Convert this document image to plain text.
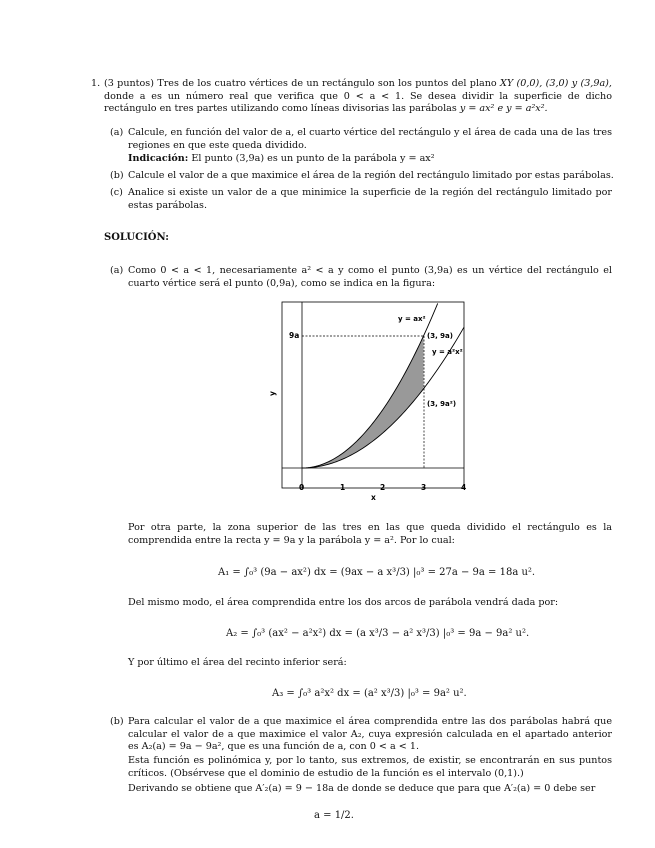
1. (3 puntos) Tres de los cuatro vértices de un rectángulo son los puntos del plano XY (0,0), (3,0) y (3,9a), donde a es un número real que verifica que 0 < a < 1. Se desea dividir la superficie de dicho rectángulo en tres partes utilizando como líneas divisorias las parábolas y = ax² e y = a²x².
(a) Calcule, en función del valor de a, el cuarto vértice del rectángulo y el área de cada una de las tres regiones en que este queda dividido.
Indicación: El punto (3,9a) es un punto de la parábola y = ax²
(b) Calcule el valor de a que maximice el área de la región del rectángulo limitado por estas parábolas.
(c) Analice si existe un valor de a que minimice la superficie de la región del rectángulo limitado por estas parábolas.
SOLUCIÓN:
(a) Como 0 < a < 1, necesariamente a² < a y como el punto (3,9a) es un vértice del rectángulo el cuarto vértice será el punto (0,9a), como se indica en la figura:
y = ax²
(3, 9a)
y = a²x²
(3, 9a²)
9a
0	1	2	3	4
x
y
Por otra parte, la zona superior de las tres en las que queda dividido el rectángulo es la comprendida entre la recta y = 9a y la parábola y = a². Por lo cual:
A₁ = ∫₀³ (9a − ax²) dx = (9ax − a x³/3) |₀³ = 27a − 9a = 18a u².
Del mismo modo, el área comprendida entre los dos arcos de parábola vendrá dada por:
A₂ = ∫₀³ (ax² − a²x²) dx = (a x³/3 − a² x³/3) |₀³ = 9a − 9a² u².
Y por último el área del recinto inferior será:
A₃ = ∫₀³ a²x² dx = (a² x³/3) |₀³ = 9a² u².
(b) Para calcular el valor de a que maximice el área comprendida entre las dos parábolas habrá que calcular el valor de a que maximice el valor A₂, cuya expresión calculada en el apartado anterior es A₂(a) = 9a − 9a², que es una función de a, con 0 < a < 1.
Esta función es polinómica y, por lo tanto, sus extremos, de existir, se encontrarán en sus puntos críticos. (Obsérvese que el dominio de estudio de la función es el intervalo (0,1).)
Derivando se obtiene que A′₂(a) = 9 − 18a de donde se deduce que para que A′₂(a) = 0 debe ser
a = 1/2.
